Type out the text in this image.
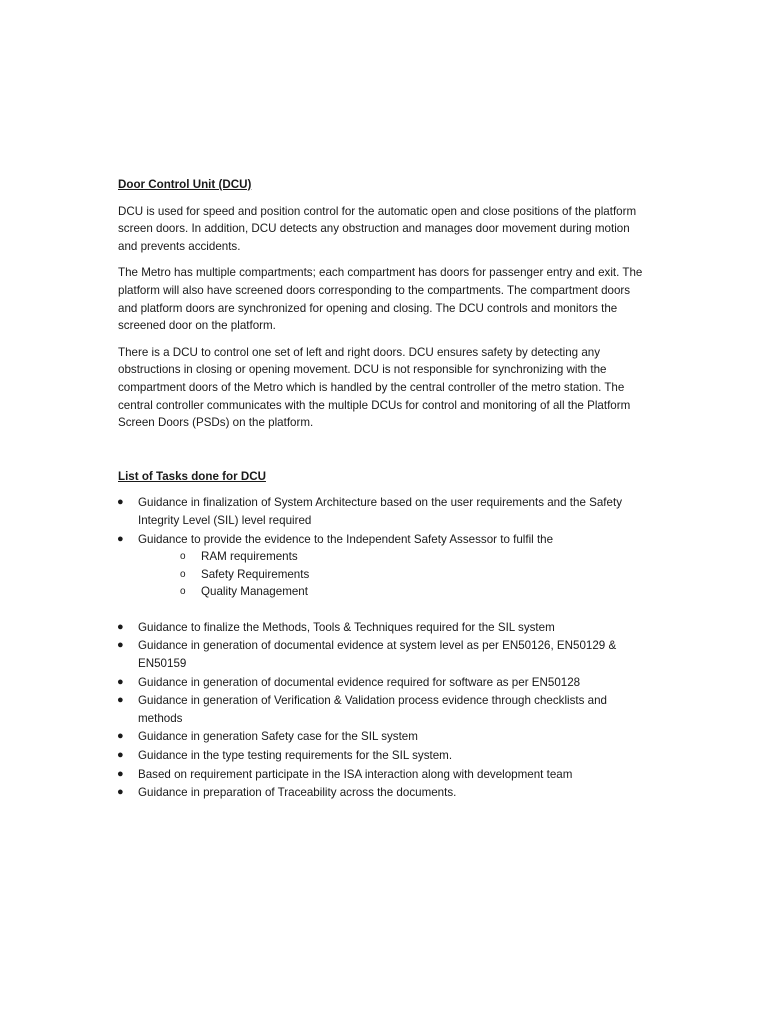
Door Control Unit (DCU)

DCU is used for speed and position control for the automatic open and close positions of the platform screen doors. In addition, DCU detects any obstruction and manages door movement during motion and prevents accidents.

The Metro has multiple compartments; each compartment has doors for passenger entry and exit. The platform will also have screened doors corresponding to the compartments. The compartment doors and platform doors are synchronized for opening and closing. The DCU controls and monitors the screened door on the platform.

There is a DCU to control one set of left and right doors. DCU ensures safety by detecting any obstructions in closing or opening movement. DCU is not responsible for synchronizing with the compartment doors of the Metro which is handled by the central controller of the metro station. The central controller communicates with the multiple DCUs for control and monitoring of all the Platform Screen Doors (PSDs) on the platform.

List of Tasks done for DCU
● Guidance in finalization of System Architecture based on the user requirements and the Safety Integrity Level (SIL) level required
● Guidance to provide the evidence to the Independent Safety Assessor to fulfil the
o RAM requirements
o Safety Requirements
o Quality Management
● Guidance to finalize the Methods, Tools & Techniques required for the SIL system
● Guidance in generation of documental evidence at system level as per EN50126, EN50129 & EN50159
● Guidance in generation of documental evidence required for software as per EN50128
● Guidance in generation of Verification & Validation process evidence through checklists and methods
● Guidance in generation Safety case for the SIL system
● Guidance in the type testing requirements for the SIL system.
● Based on requirement participate in the ISA interaction along with development team
● Guidance in preparation of Traceability across the documents.
